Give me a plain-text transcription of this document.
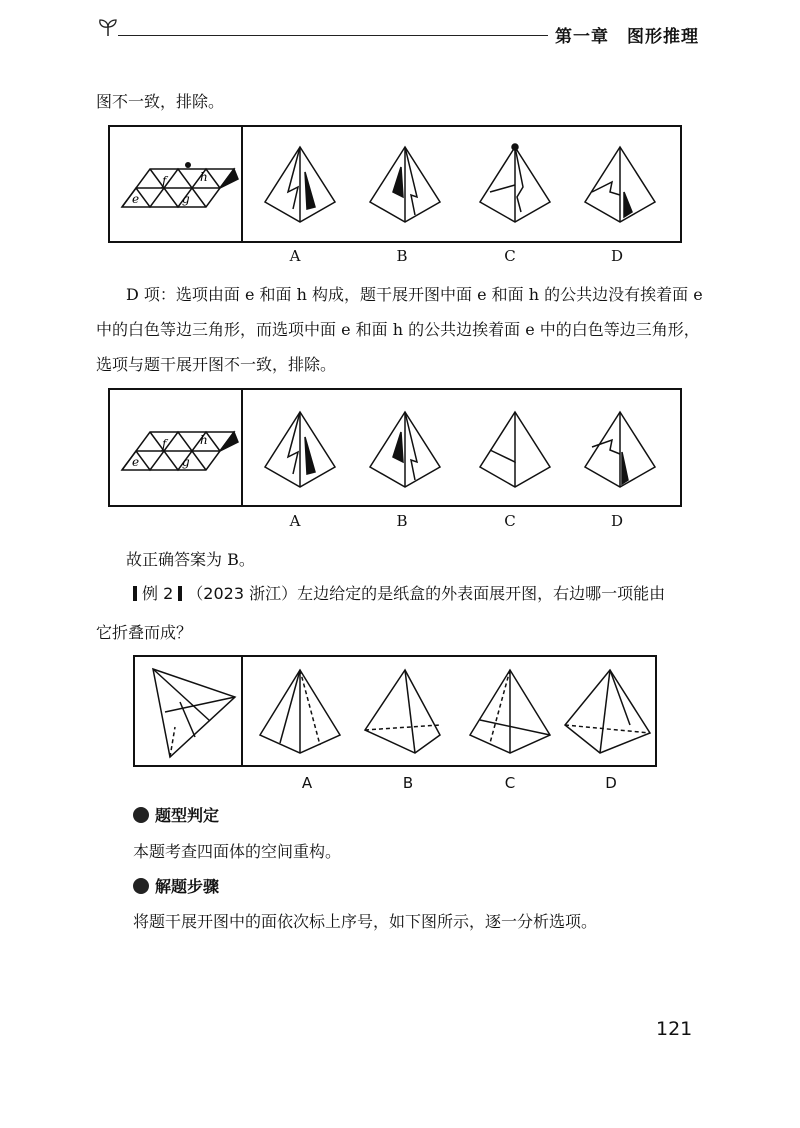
第一章　图形推理
图不一致，排除。
e
f
g
h
A	B	C	D
D 项：选项由面 e 和面 h 构成，题干展开图中面 e 和面 h 的公共边没有挨着面 e
中的白色等边三角形，而选项中面 e 和面 h 的公共边挨着面 e 中的白色等边三角形，
选项与题干展开图不一致，排除。
e
f
g
h
A	B	C	D
故正确答案为 B。
例 2 （2023 浙江）左边给定的是纸盒的外表面展开图，右边哪一项能由
它折叠而成？
A	B	C	D
题型判定
本题考查四面体的空间重构。
解题步骤
将题干展开图中的面依次标上序号，如下图所示，逐一分析选项。
121
